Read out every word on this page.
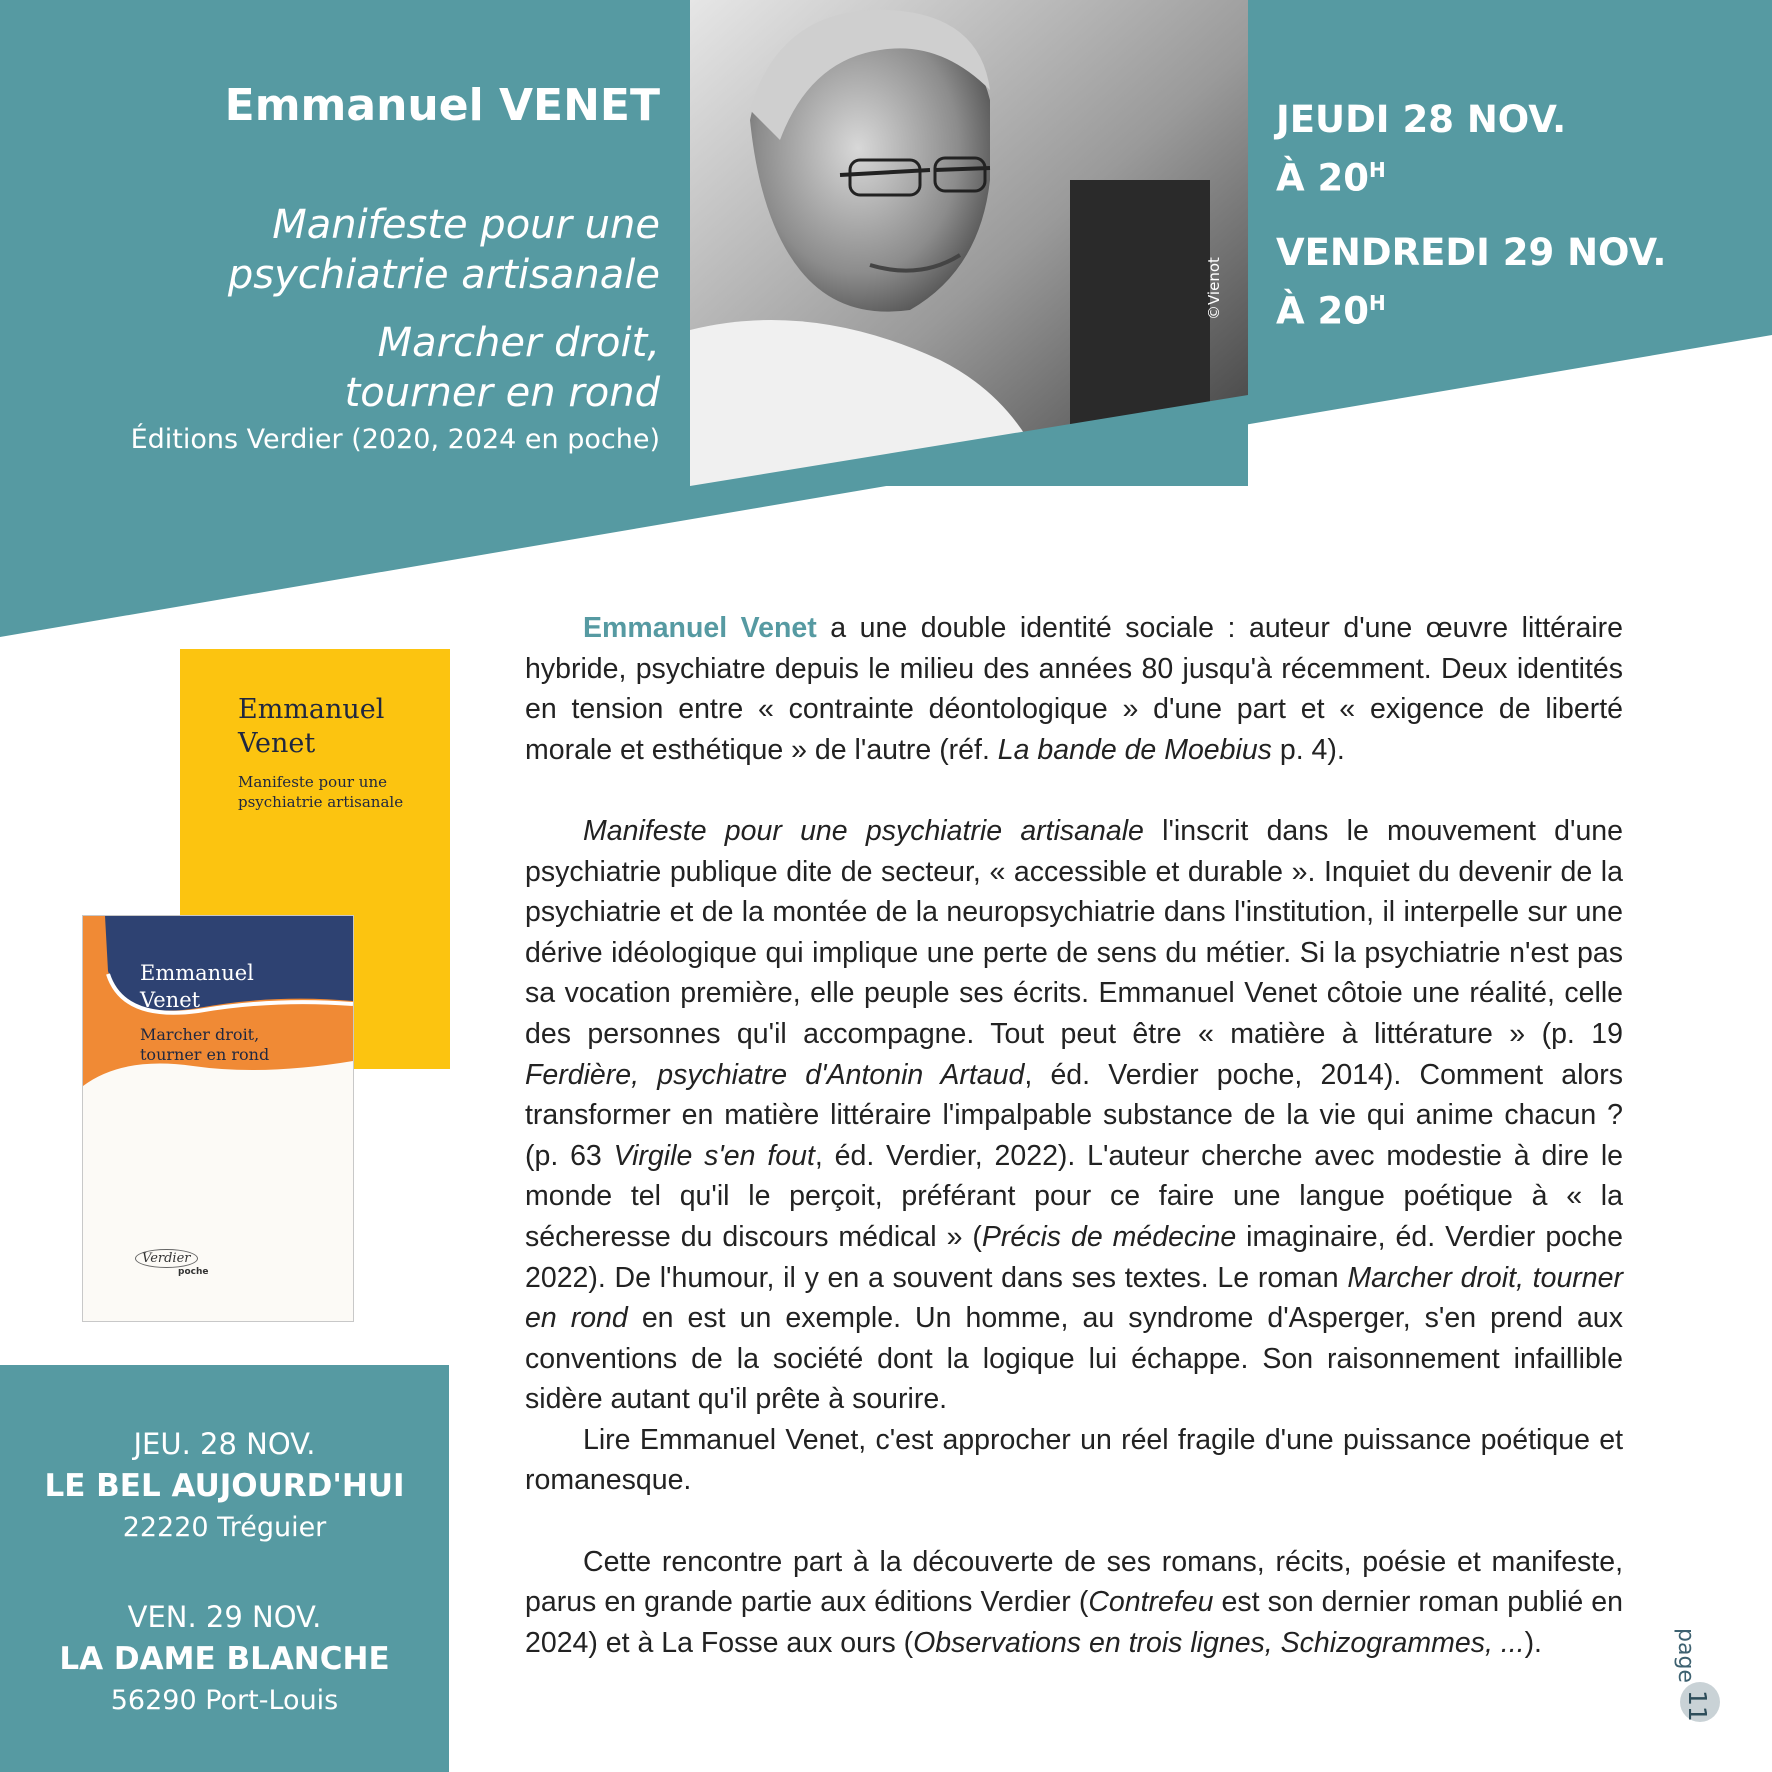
Emmanuel VENET
Manifeste pour une
psychiatrie artisanale
Marcher droit,
tourner en rond
Éditions Verdier (2020, 2024 en poche)
©Vienot
JEUDI 28 NOV.
À $20^H$
VENDREDI 29 NOV.
À $20^H$
Emmanuel
Venet
Manifeste pour une
psychiatrie artisanale
Emmanuel
Venet
Marcher droit,
tourner en rond
Verdier
poche
JEU. 28 NOV.
LE BEL AUJOURD'HUI
22220 Tréguier
VEN. 29 NOV.
LA DAME BLANCHE
56290 Port-Louis

Emmanuel Venet a une double identité sociale : auteur d'une œuvre littéraire hybride, psychiatre depuis le milieu des années 80 jusqu'à récemment. Deux identités en tension entre « contrainte déontologique » d'une part et « exigence de liberté morale et esthétique » de l'autre (réf. La bande de Moebius p. 4).

Manifeste pour une psychiatrie artisanale l'inscrit dans le mouvement d'une psychiatrie publique dite de secteur, « accessible et durable ». Inquiet du devenir de la psychiatrie et de la montée de la neuropsychiatrie dans l'institution, il interpelle sur une dérive idéologique qui implique une perte de sens du métier. Si la psychiatrie n'est pas sa vocation première, elle peuple ses écrits. Emmanuel Venet côtoie une réalité, celle des personnes qu'il accompagne. Tout peut être « matière à littérature » (p. 19 Ferdière, psychiatre d'Antonin Artaud, éd. Verdier poche, 2014). Comment alors transformer en matière littéraire l'impalpable substance de la vie qui anime chacun ? (p. 63 Virgile s'en fout, éd. Verdier, 2022). L'auteur cherche avec modestie à dire le monde tel qu'il le perçoit, préférant pour ce faire une langue poétique à « la sécheresse du discours médical » (Précis de médecine imaginaire, éd. Verdier poche 2022). De l'humour, il y en a souvent dans ses textes. Le roman Marcher droit, tourner en rond en est un exemple. Un homme, au syndrome d'Asperger, s'en prend aux conventions de la société dont la logique lui échappe. Son raisonnement infaillible sidère autant qu'il prête à sourire.

Lire Emmanuel Venet, c'est approcher un réel fragile d'une puissance poétique et romanesque.

Cette rencontre part à la découverte de ses romans, récits, poésie et manifeste, parus en grande partie aux éditions Verdier (Contrefeu est son dernier roman publié en 2024) et à La Fosse aux ours (Observations en trois lignes, Schizogrammes, ...).	page
11
